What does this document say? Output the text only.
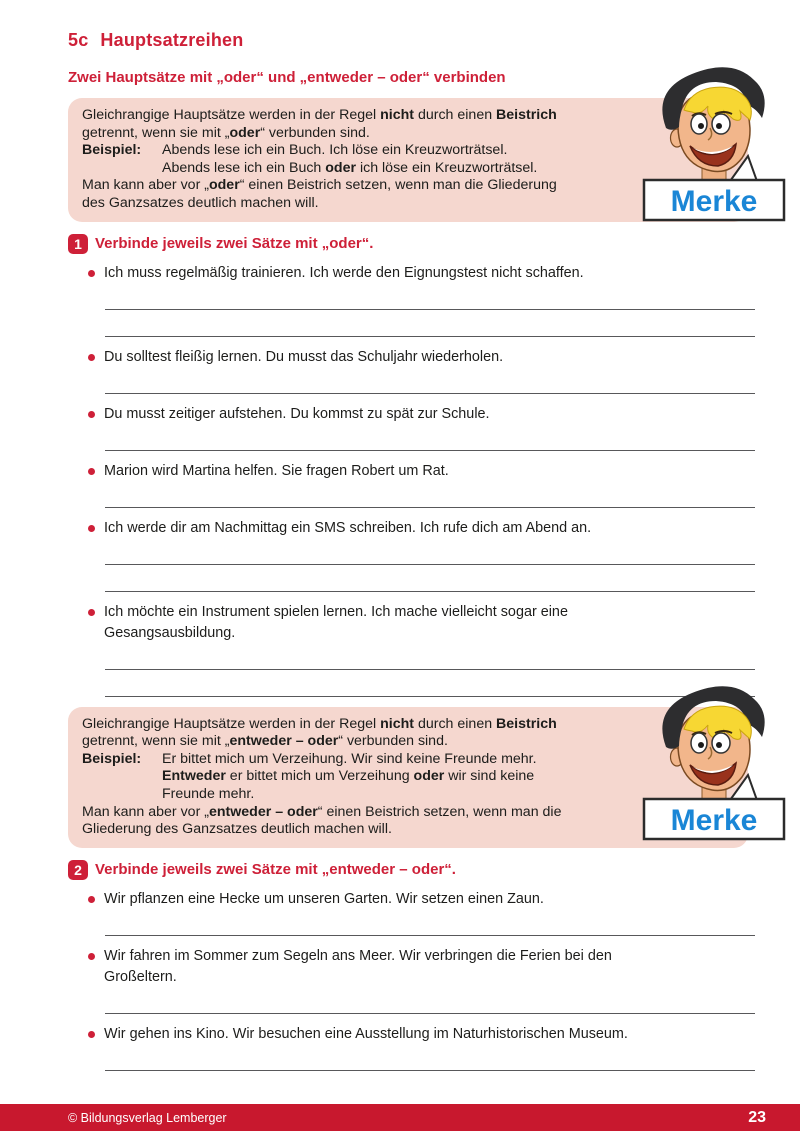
5c Hauptsatzreihen
Zwei Hauptsätze mit „oder“ und „entweder – oder“ verbinden
Gleichrangige Hauptsätze werden in der Regel nicht durch einen Beistrich
getrennt, wenn sie mit „oder“ verbunden sind.
Beispiel:	Abends lese ich ein Buch. Ich löse ein Kreuzworträtsel.
Abends lese ich ein Buch oder ich löse ein Kreuzworträtsel.
Man kann aber vor „oder“ einen Beistrich setzen, wenn man die Gliederung
des Ganzsatzes deutlich machen will.	Merke
1 Verbinde jeweils zwei Sätze mit „oder“.
Ich muss regelmäßig trainieren. Ich werde den Eignungstest nicht schaffen.
Du solltest fleißig lernen. Du musst das Schuljahr wiederholen.
Du musst zeitiger aufstehen. Du kommst zu spät zur Schule.
Marion wird Martina helfen. Sie fragen Robert um Rat.
Ich werde dir am Nachmittag ein SMS schreiben. Ich rufe dich am Abend an.
Ich möchte ein Instrument spielen lernen. Ich mache vielleicht sogar eine
Gesangsausbildung.
Gleichrangige Hauptsätze werden in der Regel nicht durch einen Beistrich
getrennt, wenn sie mit „entweder – oder“ verbunden sind.
Beispiel:	Er bittet mich um Verzeihung. Wir sind keine Freunde mehr.
Entweder er bittet mich um Verzeihung oder wir sind keine
Freunde mehr.
Man kann aber vor „entweder – oder“ einen Beistrich setzen, wenn man die
Gliederung des Ganzsatzes deutlich machen will.	Merke
2 Verbinde jeweils zwei Sätze mit „entweder – oder“.
Wir pflanzen eine Hecke um unseren Garten. Wir setzen einen Zaun.
Wir fahren im Sommer zum Segeln ans Meer. Wir verbringen die Ferien bei den
Großeltern.
Wir gehen ins Kino. Wir besuchen eine Ausstellung im Naturhistorischen Museum.
© Bildungsverlag Lemberger	23
